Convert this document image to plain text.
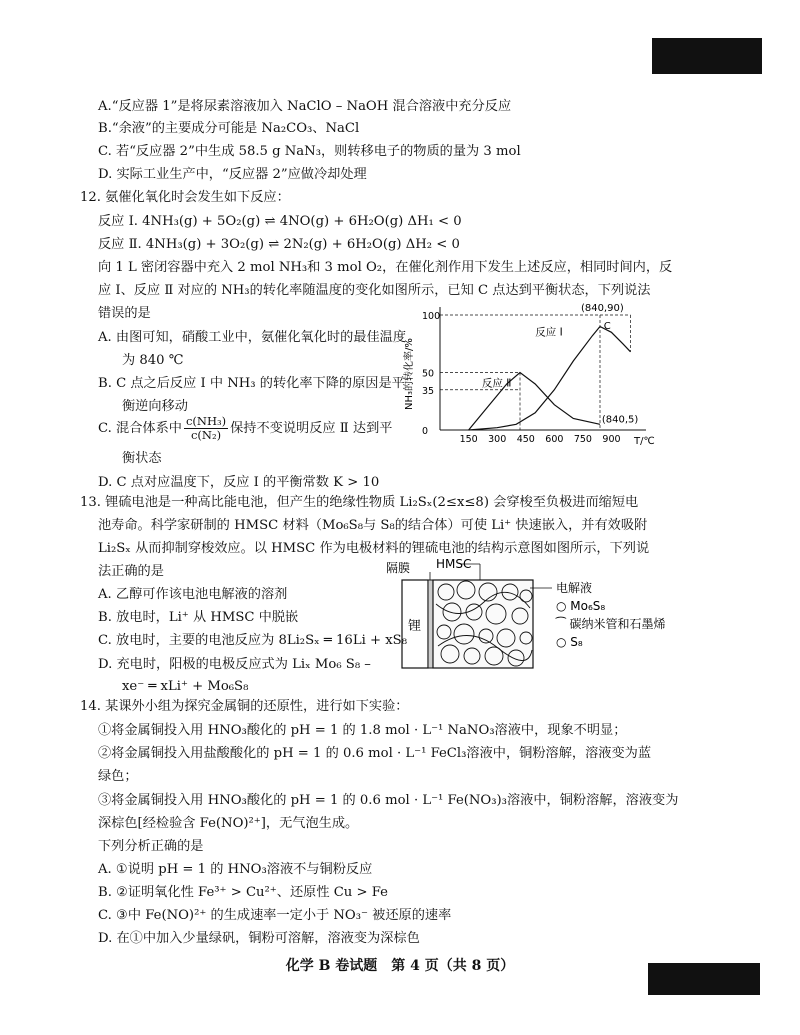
A.“反应器 1”是将尿素溶液加入 NaClO – NaOH 混合溶液中充分反应
B.“余液”的主要成分可能是 Na₂CO₃、NaCl
C. 若“反应器 2”中生成 58.5 g NaN₃，则转移电子的物质的量为 3 mol
D. 实际工业生产中，“反应器 2”应做冷却处理
12. 氨催化氧化时会发生如下反应：
反应 Ⅰ. 4NH₃(g) + 5O₂(g) ⇌ 4NO(g) + 6H₂O(g) ΔH₁ < 0
反应 Ⅱ. 4NH₃(g) + 3O₂(g) ⇌ 2N₂(g) + 6H₂O(g) ΔH₂ < 0
向 1 L 密闭容器中充入 2 mol NH₃和 3 mol O₂，在催化剂作用下发生上述反应，相同时间内，反
应 Ⅰ、反应 Ⅱ 对应的 NH₃的转化率随温度的变化如图所示，已知 C 点达到平衡状态，下列说法
错误的是
A. 由图可知，硝酸工业中，氨催化氧化时的最佳温度
为 840 ℃
B. C 点之后反应 Ⅰ 中 NH₃ 的转化率下降的原因是平
衡逆向移动
C. 混合体系中 $\frac{\text{c(NH₃)}}{\text{c(N₂)}}$ 保持不变说明反应 Ⅱ 达到平
衡状态
D. C 点对应温度下，反应 Ⅰ 的平衡常数 K > 10
T/℃
NH₃的转化率/%
150 300 450 600 750 900
0
35
50
100
反应 Ⅰ
反应 Ⅱ
(840,90)
C
(840,5)
13. 锂硫电池是一种高比能电池，但产生的绝缘性物质 Li₂Sₓ(2≤x≤8) 会穿梭至负极进而缩短电
池寿命。科学家研制的 HMSC 材料（Mo₆S₈与 S₈的结合体）可使 Li⁺ 快速嵌入，并有效吸附
Li₂Sₓ 从而抑制穿梭效应。以 HMSC 作为电极材料的锂硫电池的结构示意图如图所示，下列说
法正确的是
A. 乙醇可作该电池电解液的溶剂
B. 放电时，Li⁺ 从 HMSC 中脱嵌
C. 放电时，主要的电池反应为 8Li₂Sₓ ═ 16Li + xS₈
D. 充电时，阳极的电极反应式为 Liₓ Mo₆ S₈ –
xe⁻ ═ xLi⁺ + Mo₆S₈
锂
隔膜 HMSC
电解液
○ Mo₆S₈
⁀ 碳纳米管和石墨烯
○ S₈
14. 某课外小组为探究金属铜的还原性，进行如下实验：
①将金属铜投入用 HNO₃酸化的 pH = 1 的 1.8 mol · L⁻¹ NaNO₃溶液中，现象不明显；
②将金属铜投入用盐酸酸化的 pH = 1 的 0.6 mol · L⁻¹ FeCl₃溶液中，铜粉溶解，溶液变为蓝
绿色；
③将金属铜投入用 HNO₃酸化的 pH = 1 的 0.6 mol · L⁻¹ Fe(NO₃)₃溶液中，铜粉溶解，溶液变为
深棕色[经检验含 Fe(NO)²⁺]，无气泡生成。
下列分析正确的是
A. ①说明 pH = 1 的 HNO₃溶液不与铜粉反应
B. ②证明氧化性 Fe³⁺ > Cu²⁺、还原性 Cu > Fe
C. ③中 Fe(NO)²⁺ 的生成速率一定小于 NO₃⁻ 被还原的速率
D. 在①中加入少量绿矾，铜粉可溶解，溶液变为深棕色
化学 B 卷试题　第 4 页（共 8 页）
